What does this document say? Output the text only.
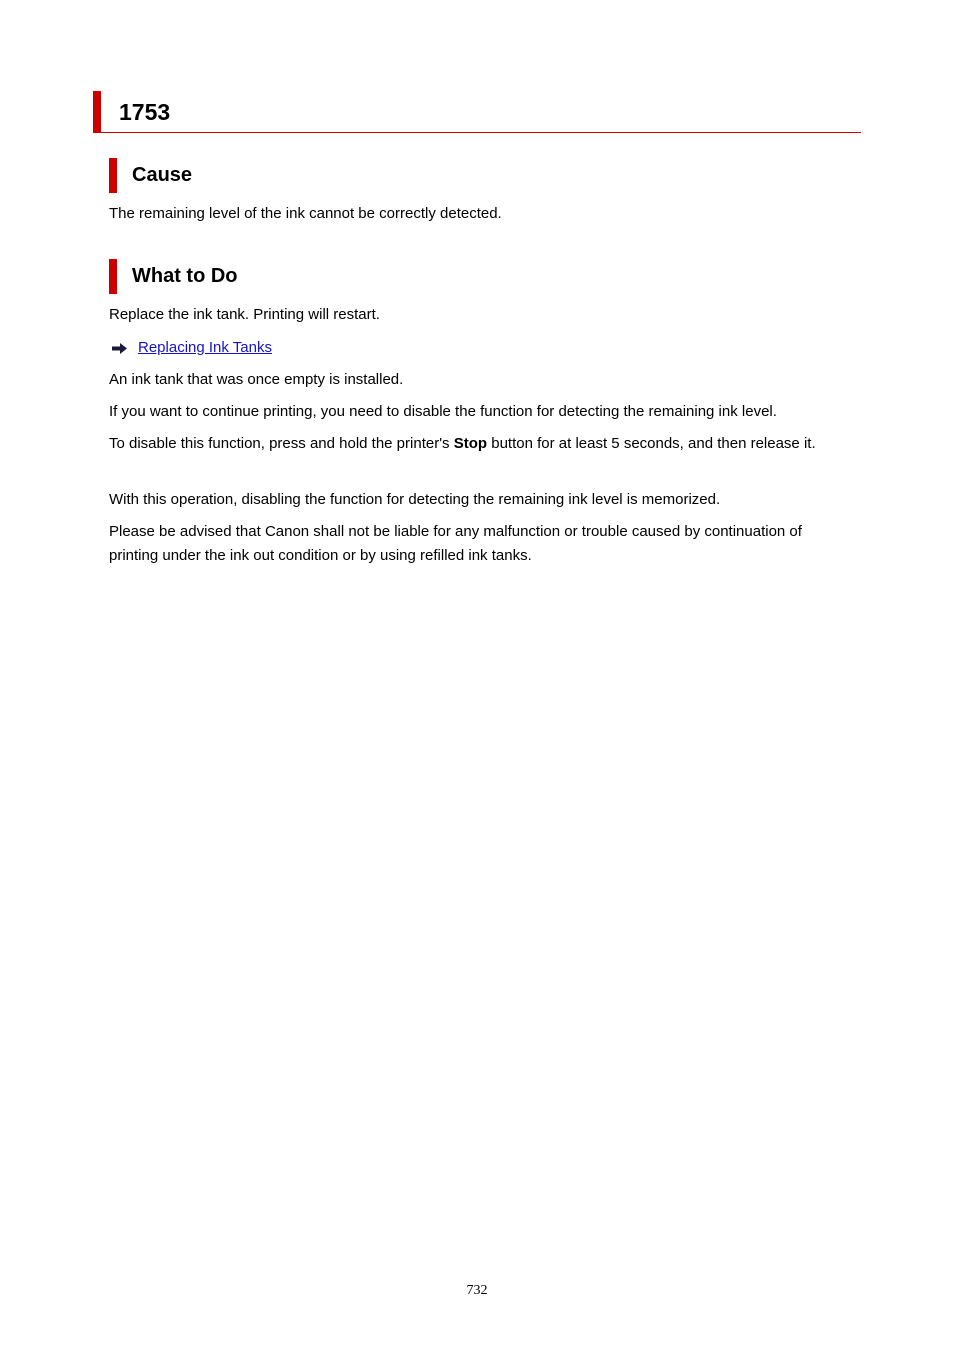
1753
Cause

The remaining level of the ink cannot be correctly detected.

What to Do

Replace the ink tank. Printing will restart.

Replacing Ink Tanks

An ink tank that was once empty is installed.

If you want to continue printing, you need to disable the function for detecting the remaining ink level.

To disable this function, press and hold the printer's Stop button for at least 5 seconds, and then release it.

With this operation, disabling the function for detecting the remaining ink level is memorized.

Please be advised that Canon shall not be liable for any malfunction or trouble caused by continuation of printing under the ink out condition or by using refilled ink tanks.

732
